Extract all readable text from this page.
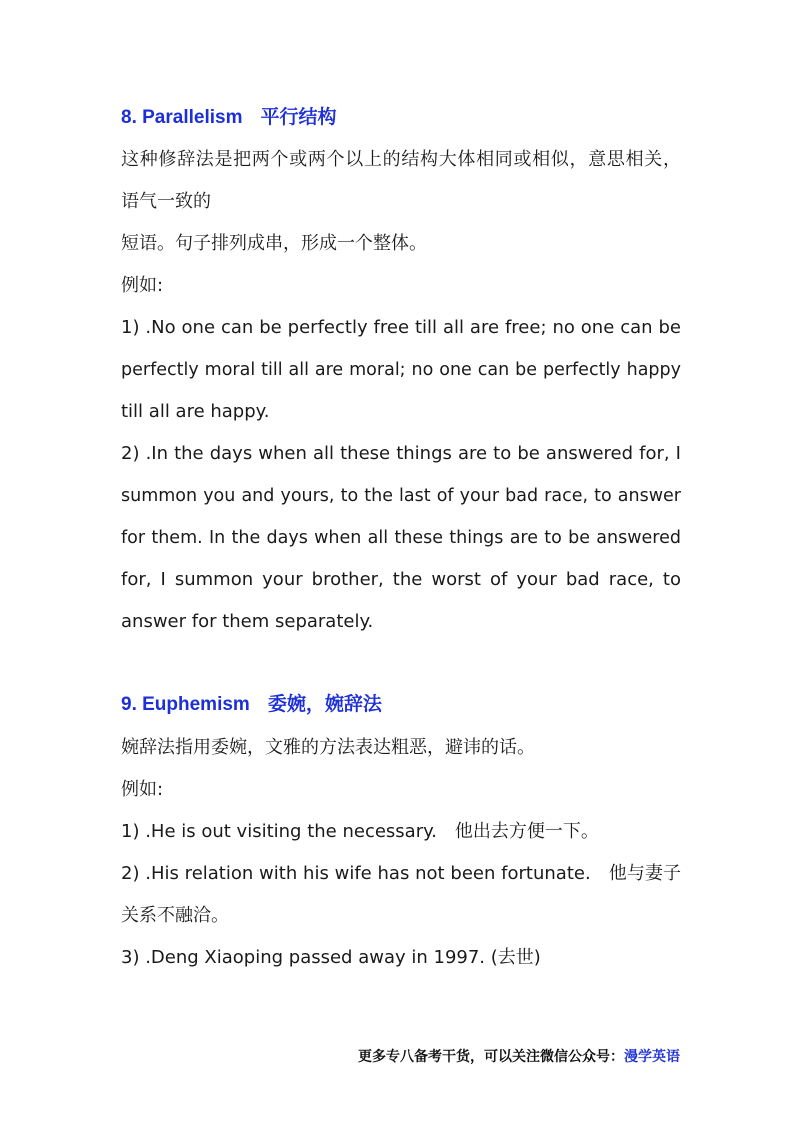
8. Parallelism 平行结构
这种修辞法是把两个或两个以上的结构大体相同或相似，意思相关，
语气一致的
短语。句子排列成串，形成一个整体。
例如:
1) .No one can be perfectly free till all are free; no one can be
perfectly moral till all are moral; no one can be perfectly happy
till all are happy.
2) .In the days when all these things are to be answered for, I
summon you and yours, to the last of your bad race, to answer
for them. In the days when all these things are to be answered
for, I summon your brother, the worst of your bad race, to
answer for them separately.
9. Euphemism 委婉，婉辞法
婉辞法指用委婉，文雅的方法表达粗恶，避讳的话。
例如:
1) .He is out visiting the necessary.　他出去方便一下。
2) .His relation with his wife has not been fortunate.　他与妻子
关系不融洽。
3) .Deng Xiaoping passed away in 1997. (去世)
更多专八备考干货，可以关注微信公众号：漫学英语
